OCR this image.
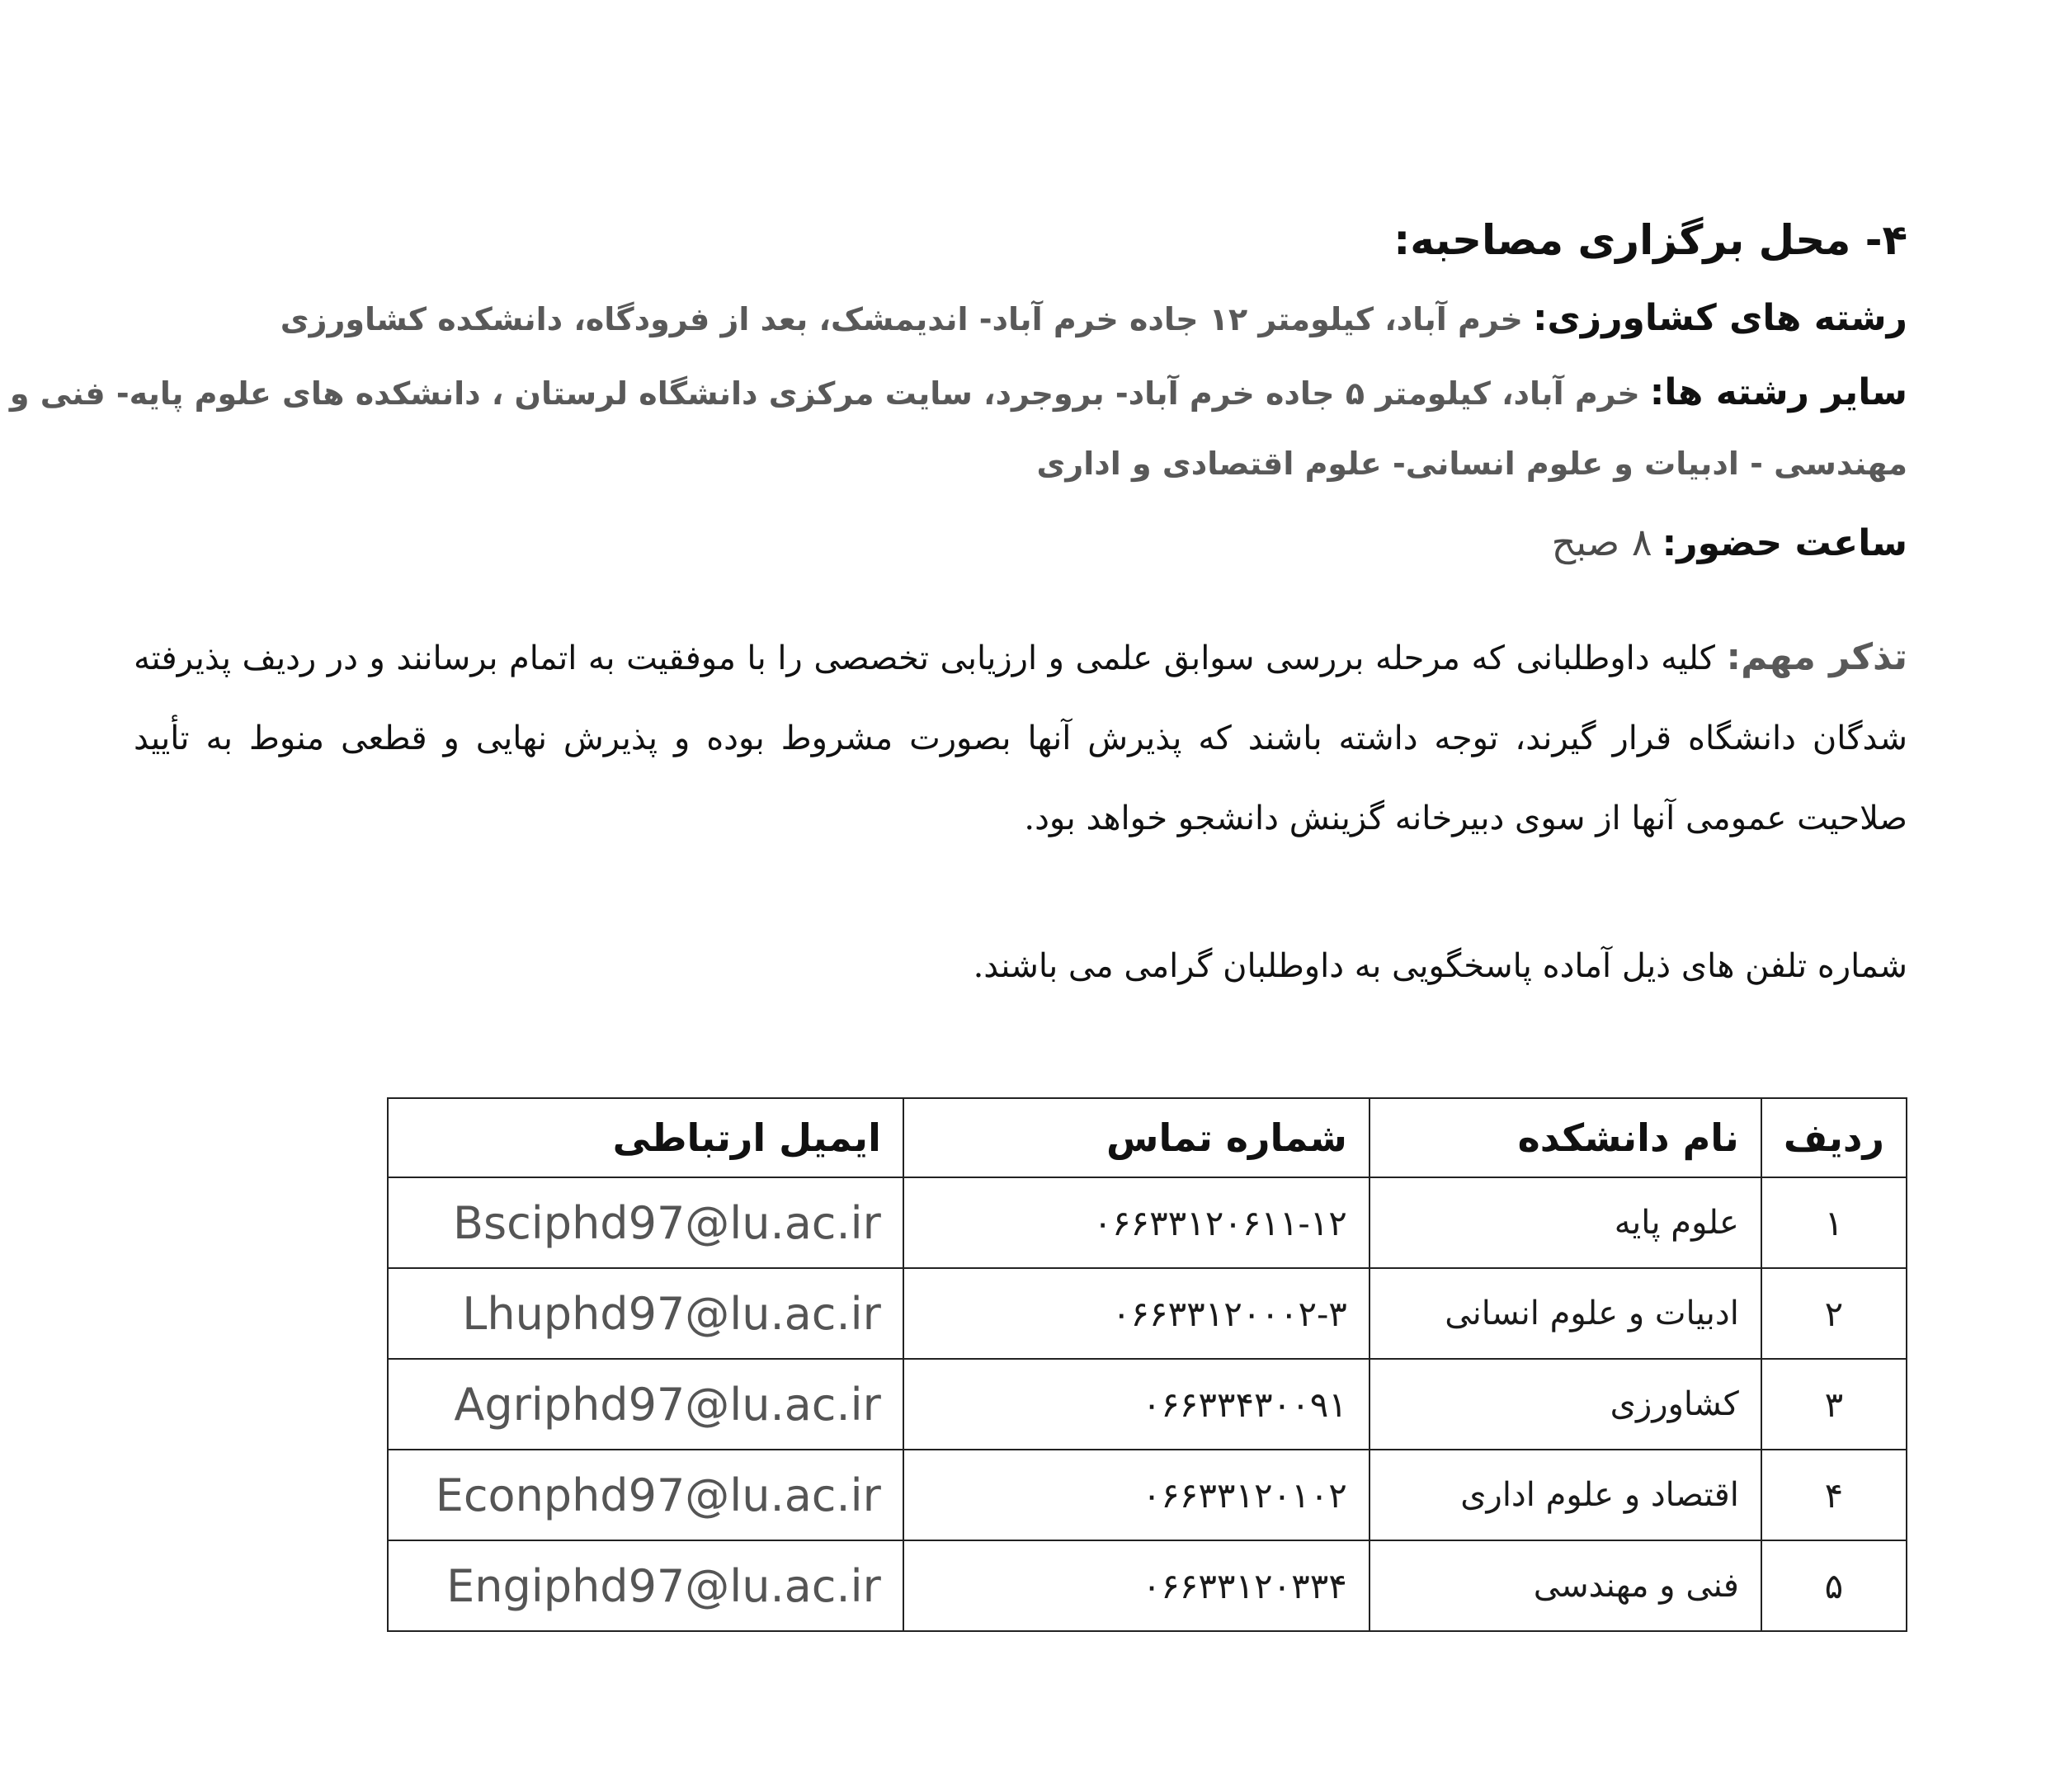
۴- محل برگزاری مصاحبه:
رشته های کشاورزی: خرم آباد، کیلومتر ۱۲ جاده خرم آباد- اندیمشک، بعد از فرودگاه، دانشکده کشاورزی
سایر رشته ها: خرم آباد، کیلومتر ۵ جاده خرم آباد- بروجرد، سایت مرکزی دانشگاه لرستان ، دانشکده های علوم پایه- فنی و
مهندسی - ادبیات و علوم انسانی- علوم اقتصادی و اداری
ساعت حضور: ۸ صبح
تذکر مهم: کلیه داوطلبانی که مرحله بررسی سوابق علمی و ارزیابی تخصصی را با موفقیت به اتمام برسانند و در ردیف پذیرفته شدگان دانشگاه قرار گیرند، توجه داشته باشند که پذیرش آنها بصورت مشروط بوده و پذیرش نهایی و قطعی منوط به تأیید صلاحیت عمومی آنها از سوی دبیرخانه گزینش دانشجو خواهد بود.
شماره تلفن های ذیل آماده پاسخگویی به داوطلبان گرامی می باشند.
ردیف	نام دانشکده	شماره تماس	ایمیل ارتباطی
۱	علوم پایه	۰۶۶۳۳۱۲۰۶۱۱-۱۲	Bsciphd97@lu.ac.ir
۲	ادبیات و علوم انسانی	۰۶۶۳۳۱۲۰۰۰۲-۳	Lhuphd97@lu.ac.ir
۳	کشاورزی	۰۶۶۳۳۴۳۰۰۹۱	Agriphd97@lu.ac.ir
۴	اقتصاد و علوم اداری	۰۶۶۳۳۱۲۰۱۰۲	Econphd97@lu.ac.ir
۵	فنی و مهندسی	۰۶۶۳۳۱۲۰۳۳۴	Engiphd97@lu.ac.ir
